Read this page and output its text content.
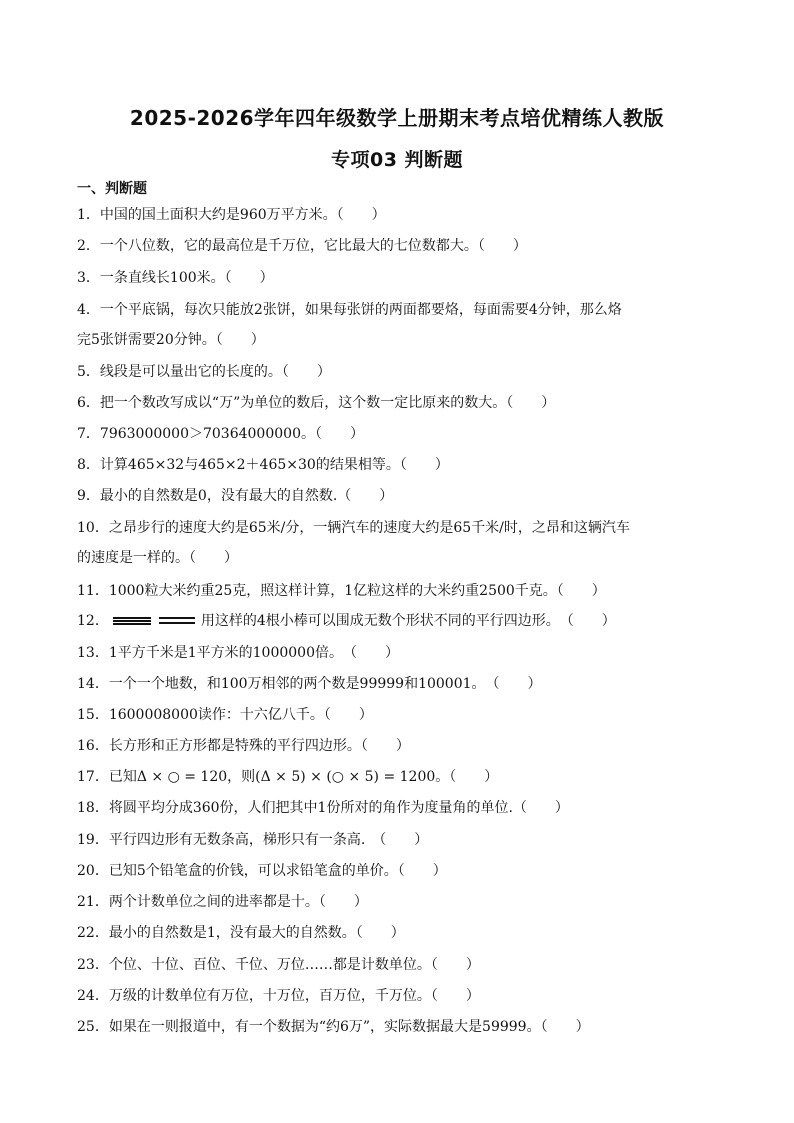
2025-2026学年四年级数学上册期末考点培优精练人教版
专项03 判断题
一、判断题
1．中国的国土面积大约是960万平方米。（　　）
2．一个八位数，它的最高位是千万位，它比最大的七位数都大。（　　）
3．一条直线长100米。（　　）
4．一个平底锅，每次只能放2张饼，如果每张饼的两面都要烙，每面需要4分钟，那么烙
完5张饼需要20分钟。（　　）
5．线段是可以量出它的长度的。（　　）
6．把一个数改写成以“万”为单位的数后，这个数一定比原来的数大。（　　）
7．7963000000＞70364000000。（　　）
8．计算465×32与465×2＋465×30的结果相等。（　　）
9．最小的自然数是0，没有最大的自然数.（　　）
10．之昂步行的速度大约是65米/分，一辆汽车的速度大约是65千米/时，之昂和这辆汽车
的速度是一样的。（　　）
11．1000粒大米约重25克，照这样计算，1亿粒这样的大米约重2500千克。（　　）
12．	用这样的4根小棒可以围成无数个形状不同的平行四边形。　（　　）
13．1平方千米是1平方米的1000000倍。　（　　）
14．一个一个地数，和100万相邻的两个数是99999和100001。　（　　）
15．1600008000读作：十六亿八千。（　　）
16．长方形和正方形都是特殊的平行四边形。（　　）
17．已知Δ × ○ = 120，则(Δ × 5) × (○ × 5) = 1200。（　　）
18．将圆平均分成360份，人们把其中1份所对的角作为度量角的单位.（　　）
19．平行四边形有无数条高，梯形只有一条高.　（　　）
20．已知5个铅笔盒的价钱，可以求铅笔盒的单价。（　　）
21．两个计数单位之间的进率都是十。（　　）
22．最小的自然数是1，没有最大的自然数。（　　）
23．个位、十位、百位、千位、万位……都是计数单位。（　　）
24．万级的计数单位有万位，十万位，百万位，千万位。（　　）
25．如果在一则报道中，有一个数据为“约6万”，实际数据最大是59999。（　　）
